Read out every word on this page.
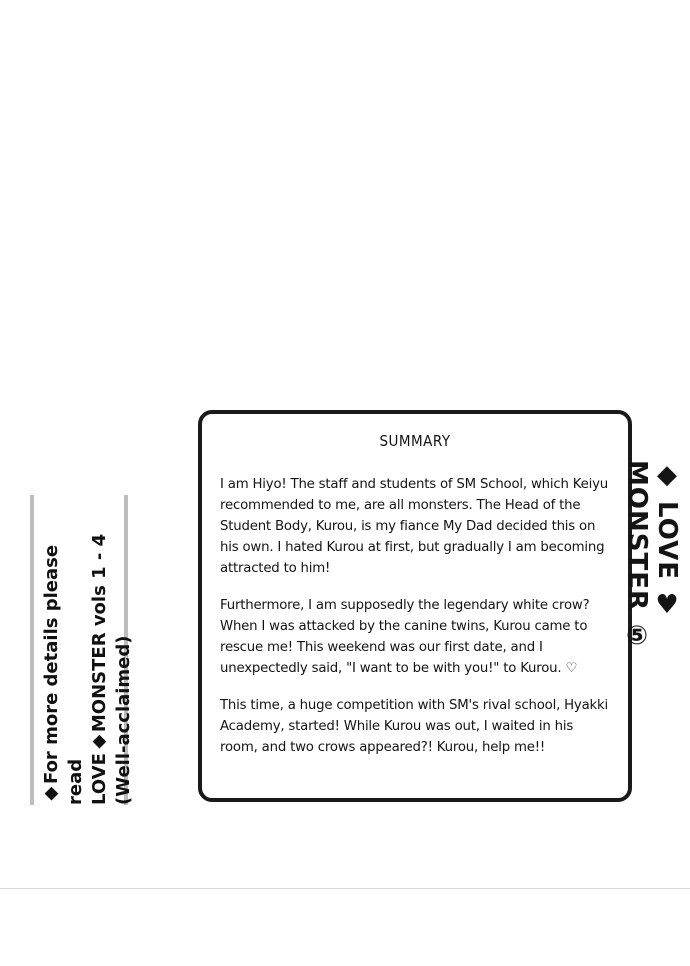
SUMMARY

I am Hiyo! The staff and students of SM School, which Keiyu recommended to me, are all monsters. The Head of the Student Body, Kurou, is my fiance My Dad decided this on his own. I hated Kurou at first, but gradually I am becoming attracted to him!

Furthermore, I am supposedly the legendary white crow? When I was attacked by the canine twins, Kurou came to rescue me! This weekend was our first date, and I unexpectedly said, "I want to be with you!" to Kurou. ♡

This time, a huge competition with SM's rival school, Hyakki Academy, started! While Kurou was out, I waited in his room, and two crows appeared?! Kurou, help me!!

◆ LOVE ♥ MONSTER ⑤
◆For more details please read LOVE◆MONSTER vols 1 - 4 (Well-acclaimed)
